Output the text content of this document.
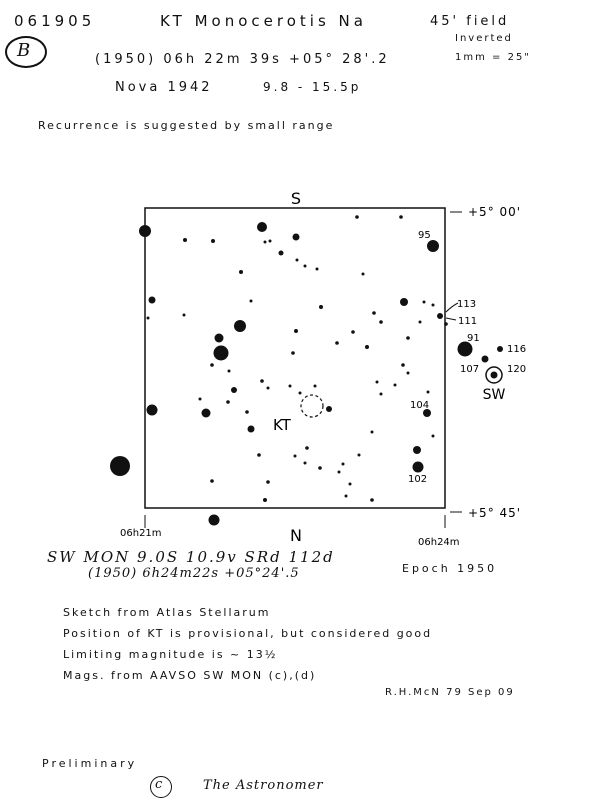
061905	KT Monocerotis Na	45' field
Inverted
1mm = 25"
B	(1950) 06h 22m 39s +05° 28'.2
Nova 1942	9.8 - 15.5p
Recurrence is suggested by small range
S
N
+5° 00'
+5° 45'
06h21m
06h24m
KT
95
113
111
91
116
107	120
104
102
SW
SW MON 9.0S 10.9v SRd 112d
(1950) 6h24m22s +05°24'.5	Epoch 1950
Sketch from Atlas Stellarum
Position of KT is provisional, but considered good
Limiting magnitude is ~ 13½
Mags. from AAVSO SW MON (c),(d)
R.H.McN 79 Sep 09
Preliminary
c	The Astronomer
